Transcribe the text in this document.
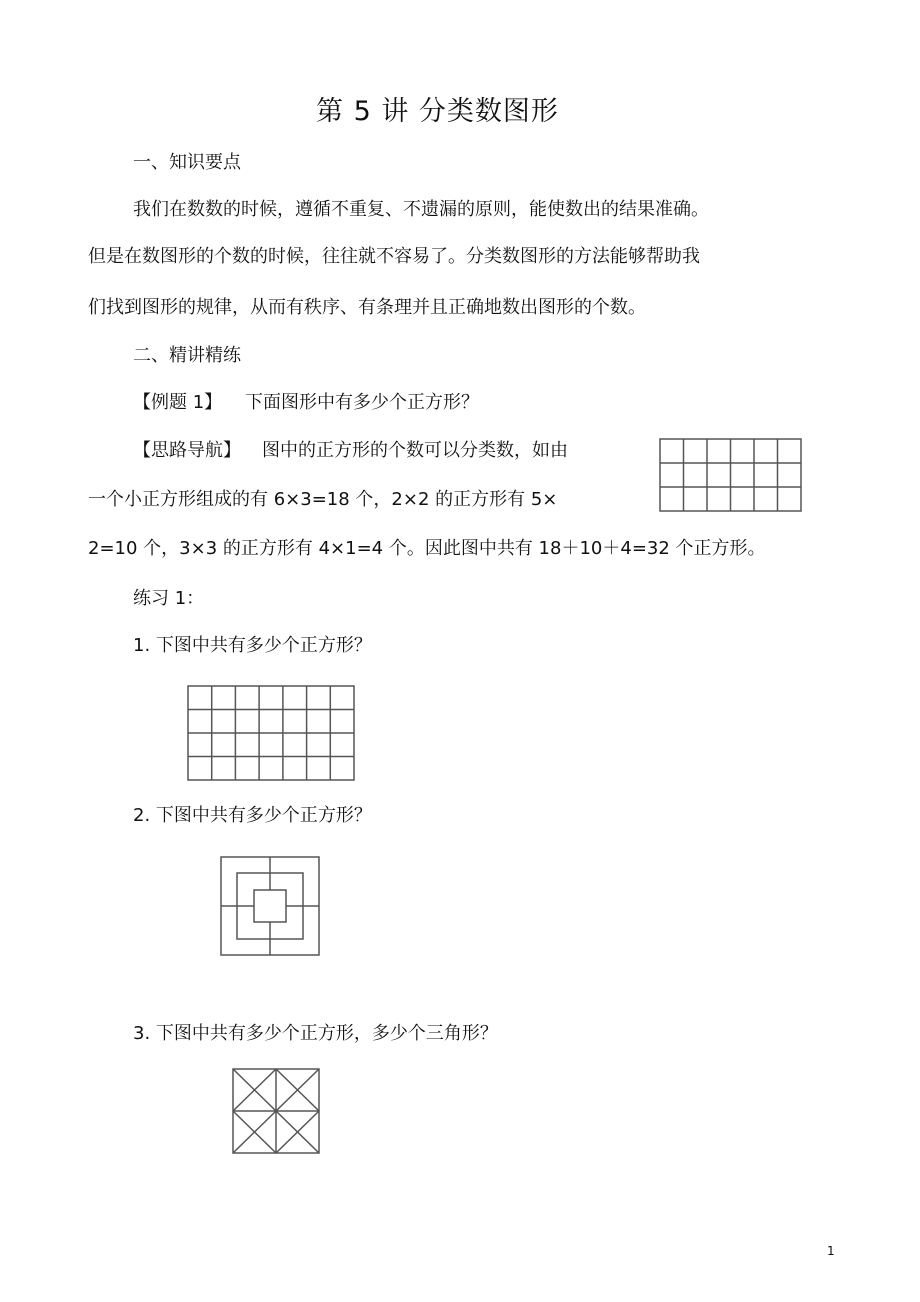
第 5 讲 分类数图形
一、知识要点
我们在数数的时候，遵循不重复、不遗漏的原则，能使数出的结果准确。
但是在数图形的个数的时候，往往就不容易了。分类数图形的方法能够帮助我
们找到图形的规律，从而有秩序、有条理并且正确地数出图形的个数。
二、精讲精练
【例题 1】 下面图形中有多少个正方形？
【思路导航】 图中的正方形的个数可以分类数，如由
一个小正方形组成的有 6×3=18 个，2×2 的正方形有 5×
2=10 个，3×3 的正方形有 4×1=4 个。因此图中共有 18＋10＋4=32 个正方形。
练习 1：
1. 下图中共有多少个正方形？
2. 下图中共有多少个正方形？
3. 下图中共有多少个正方形，多少个三角形？
1
